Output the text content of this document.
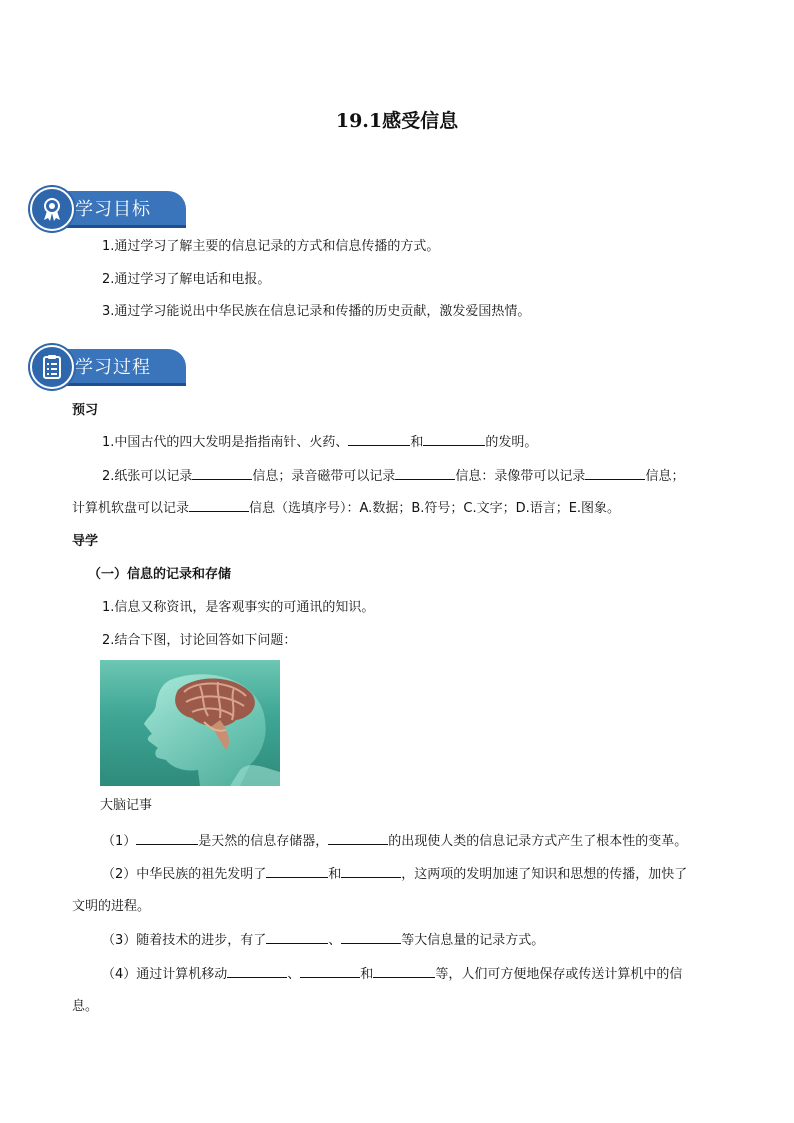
19.1感受信息
学习目标
1.通过学习了解主要的信息记录的方式和信息传播的方式。
2.通过学习了解电话和电报。
3.通过学习能说出中华民族在信息记录和传播的历史贡献，激发爱国热情。
学习过程
预习
1.中国古代的四大发明是指指南针、火药、	和	的发明。
2.纸张可以记录	信息；录音磁带可以记录	信息：录像带可以记录	信息；
计算机软盘可以记录	信息（选填序号）：A.数据；B.符号；C.文字；D.语言；E.图象。
导学
（一）信息的记录和存储
1.信息又称资讯，是客观事实的可通讯的知识。
2.结合下图，讨论回答如下问题：
大脑记事
（1）	是天然的信息存储器，	的出现使人类的信息记录方式产生了根本性的变革。
（2）中华民族的祖先发明了	和	，这两项的发明加速了知识和思想的传播，加快了
文明的进程。
（3）随着技术的进步，有了	、	等大信息量的记录方式。
（4）通过计算机移动	、	和	等，人们可方便地保存或传送计算机中的信
息。
